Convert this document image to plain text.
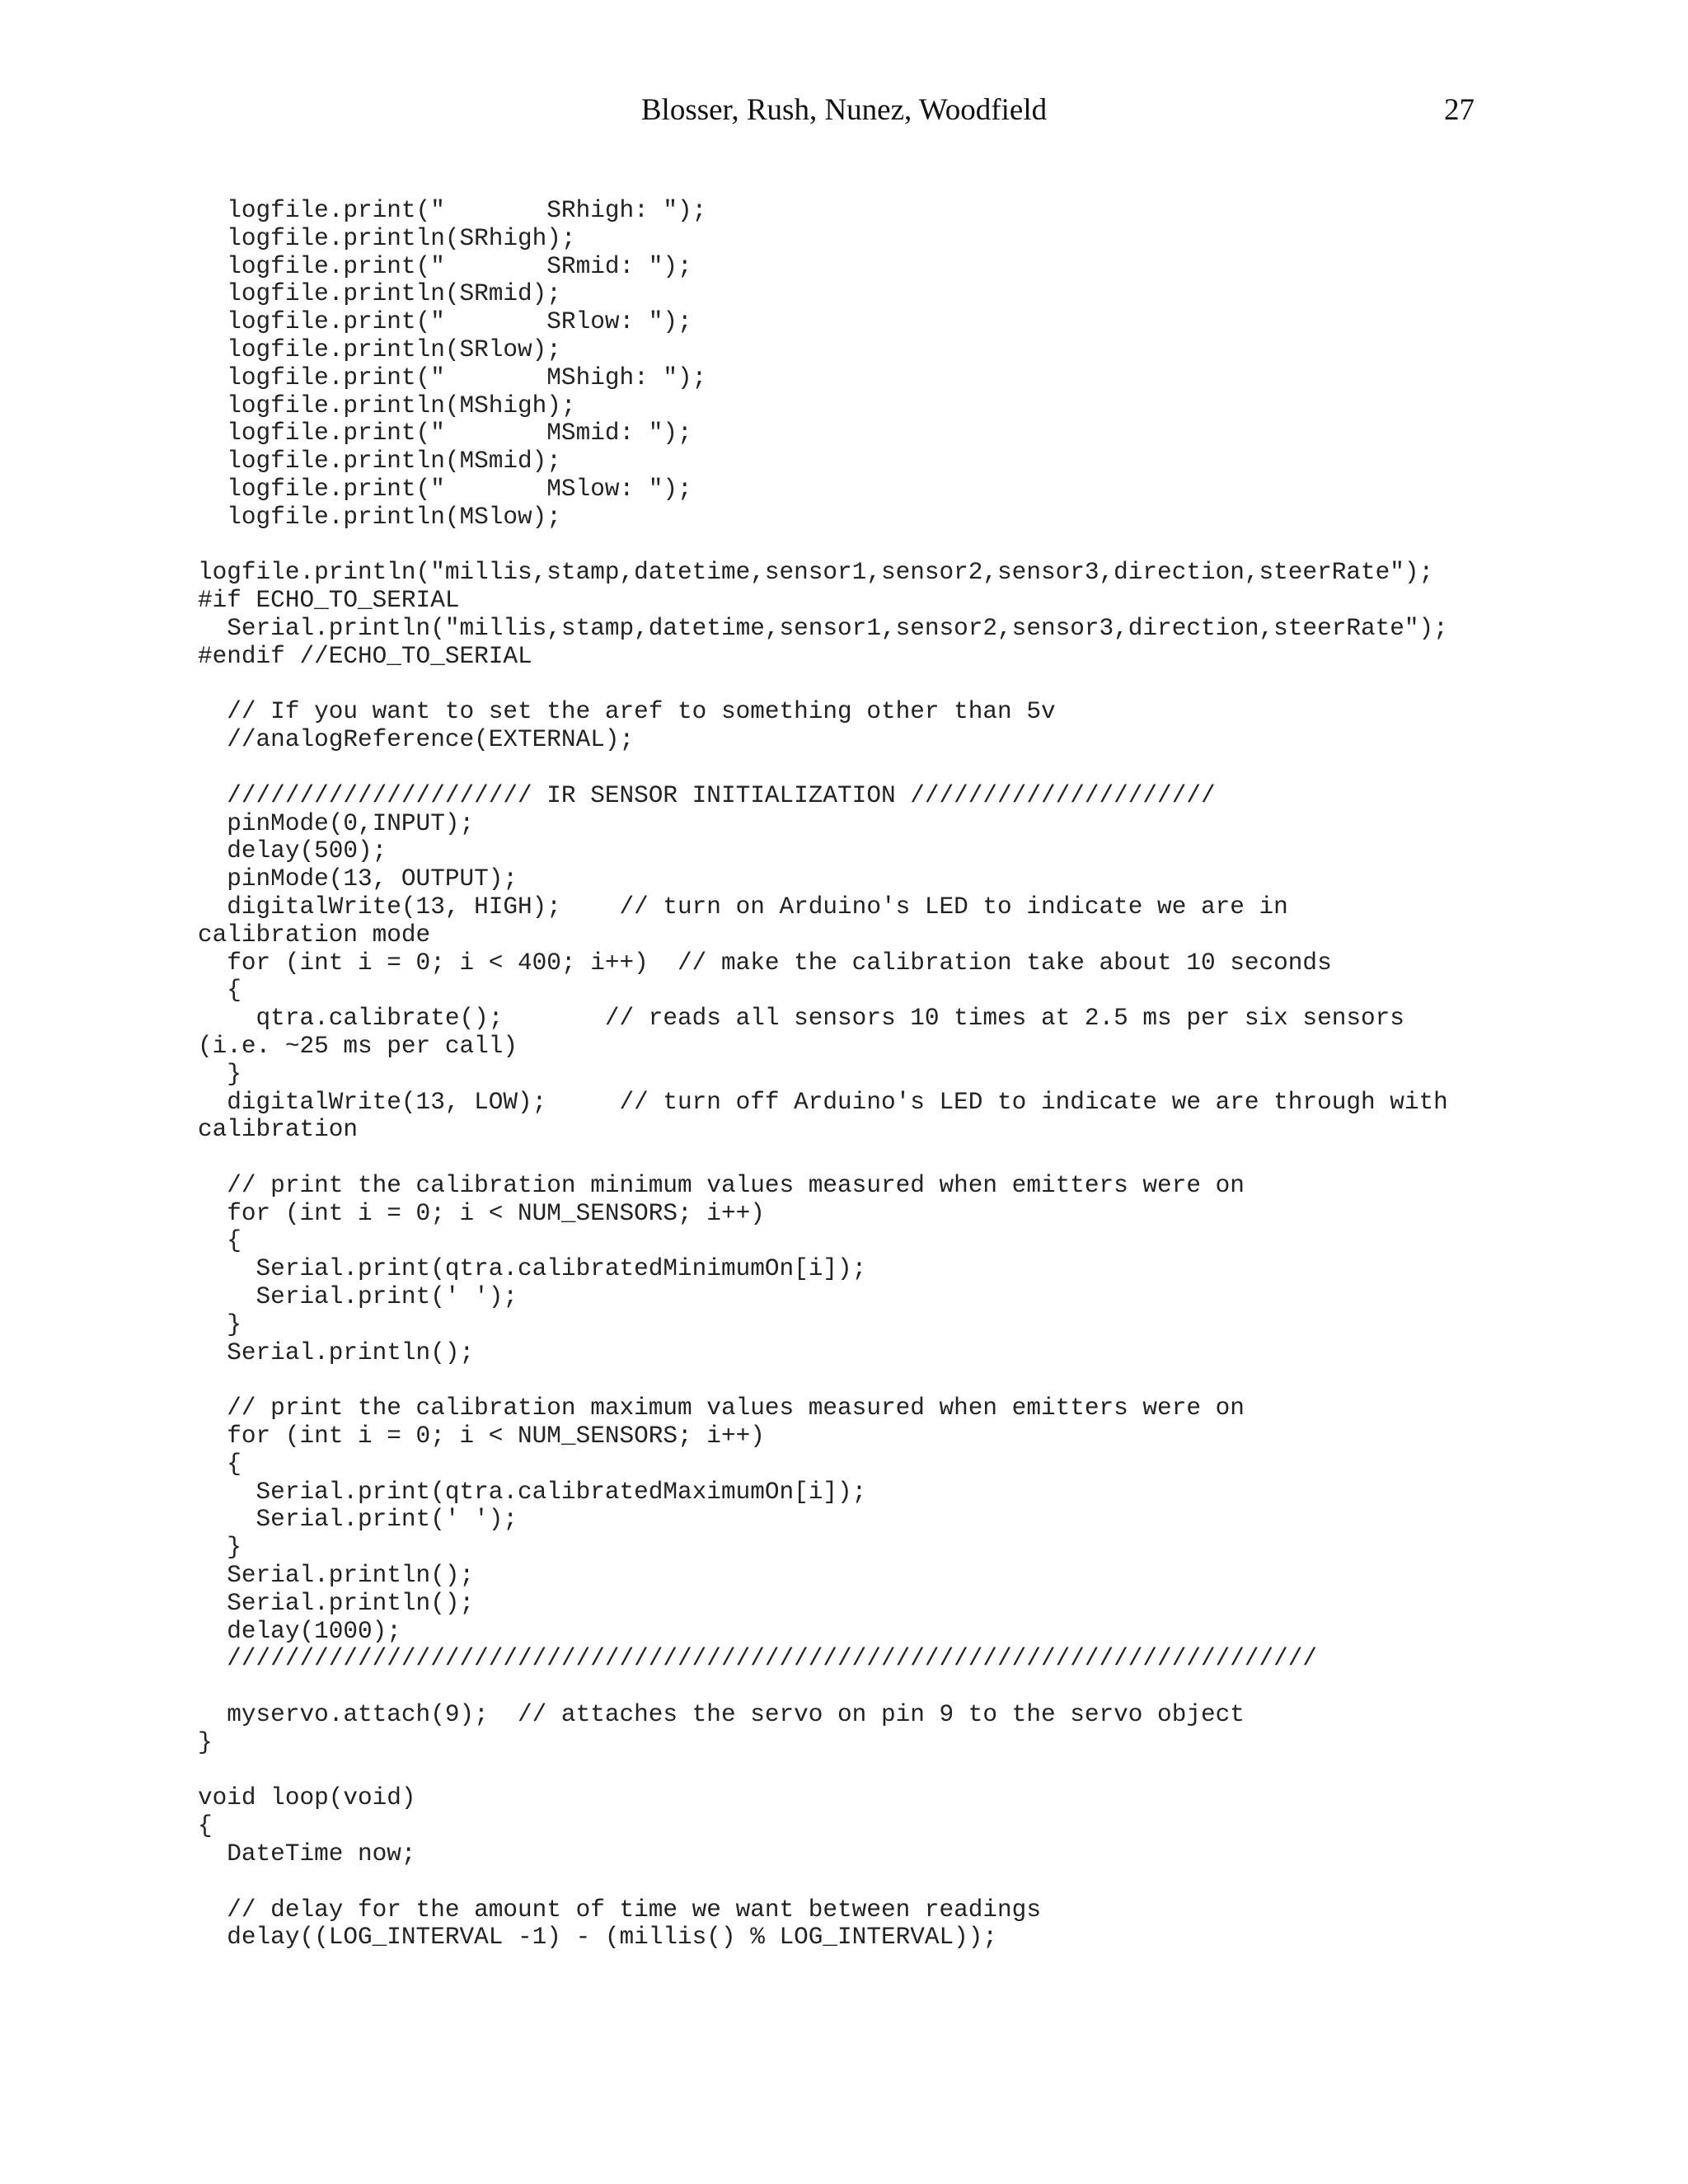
Blosser, Rush, Nunez, Woodfield	27
logfile.print("       SRhigh: ");
logfile.println(SRhigh);
logfile.print("       SRmid: ");
logfile.println(SRmid);
logfile.print("       SRlow: ");
logfile.println(SRlow);
logfile.print("       MShigh: ");
logfile.println(MShigh);
logfile.print("       MSmid: ");
logfile.println(MSmid);
logfile.print("       MSlow: ");
logfile.println(MSlow);

logfile.println("millis,stamp,datetime,sensor1,sensor2,sensor3,direction,steerRate");
#if ECHO_TO_SERIAL
Serial.println("millis,stamp,datetime,sensor1,sensor2,sensor3,direction,steerRate");
#endif //ECHO_TO_SERIAL

// If you want to set the aref to something other than 5v
//analogReference(EXTERNAL);

///////////////////// IR SENSOR INITIALIZATION /////////////////////
pinMode(0,INPUT);
delay(500);
pinMode(13, OUTPUT);
digitalWrite(13, HIGH);    // turn on Arduino's LED to indicate we are in
calibration mode
for (int i = 0; i < 400; i++)  // make the calibration take about 10 seconds
{
qtra.calibrate();       // reads all sensors 10 times at 2.5 ms per six sensors
(i.e. ~25 ms per call)
}
digitalWrite(13, LOW);     // turn off Arduino's LED to indicate we are through with
calibration

// print the calibration minimum values measured when emitters were on
for (int i = 0; i < NUM_SENSORS; i++)
{
Serial.print(qtra.calibratedMinimumOn[i]);
Serial.print(' ');
}
Serial.println();

// print the calibration maximum values measured when emitters were on
for (int i = 0; i < NUM_SENSORS; i++)
{
Serial.print(qtra.calibratedMaximumOn[i]);
Serial.print(' ');
}
Serial.println();
Serial.println();
delay(1000);
///////////////////////////////////////////////////////////////////////////

myservo.attach(9);  // attaches the servo on pin 9 to the servo object
}

void loop(void)
{
DateTime now;

// delay for the amount of time we want between readings
delay((LOG_INTERVAL -1) - (millis() % LOG_INTERVAL));
